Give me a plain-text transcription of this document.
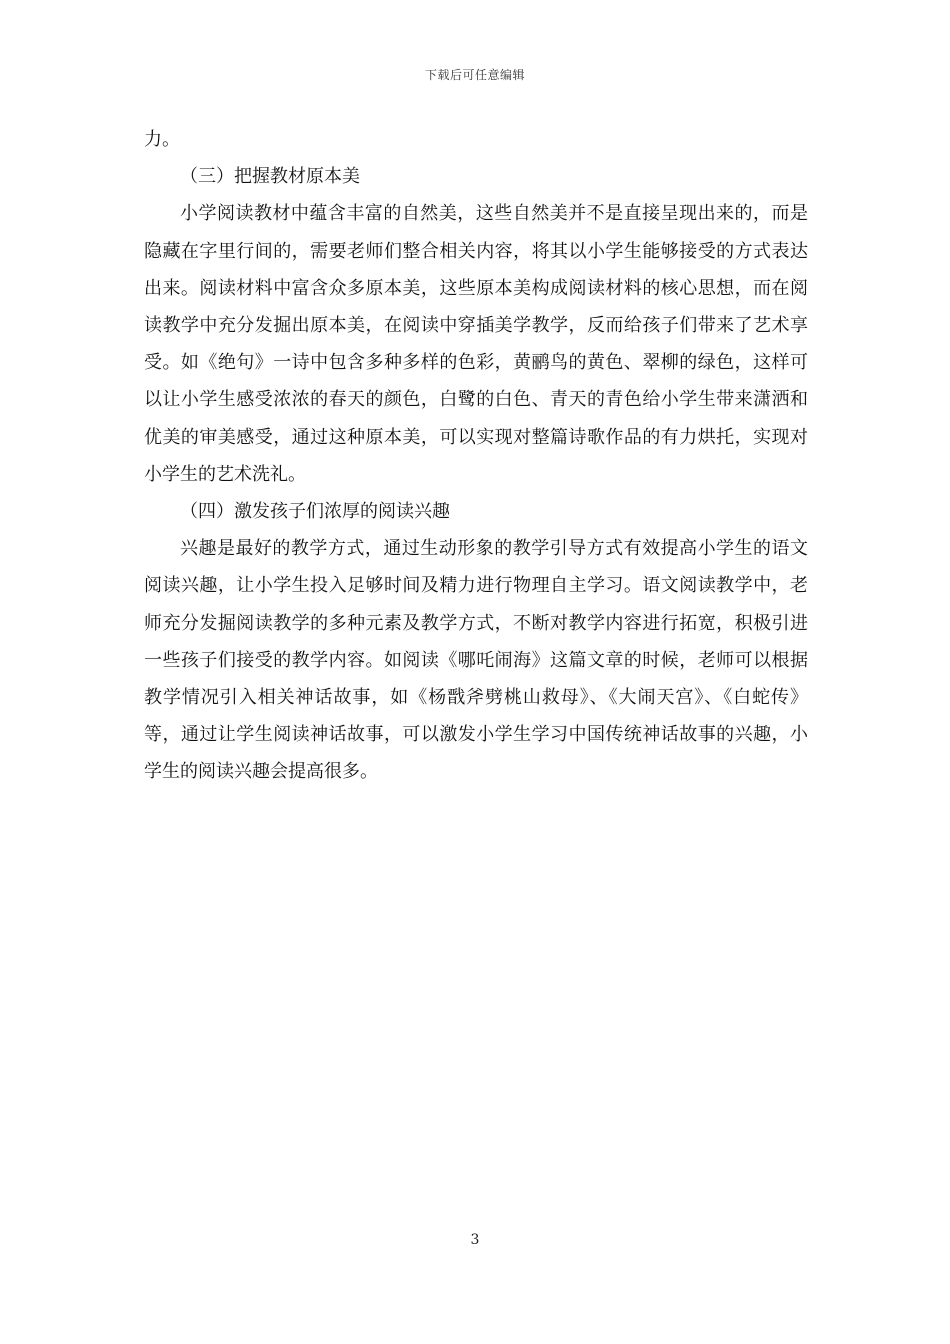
下载后可任意编辑

力。

（三）把握教材原本美

小学阅读教材中蕴含丰富的自然美，这些自然美并不是直接呈现出来的，而是隐藏在字里行间的，需要老师们整合相关内容，将其以小学生能够接受的方式表达出来。阅读材料中富含众多原本美，这些原本美构成阅读材料的核心思想，而在阅读教学中充分发掘出原本美，在阅读中穿插美学教学，反而给孩子们带来了艺术享受。如《绝句》一诗中包含多种多样的色彩，黄鹂鸟的黄色、翠柳的绿色，这样可以让小学生感受浓浓的春天的颜色，白鹭的白色、青天的青色给小学生带来潇洒和优美的审美感受，通过这种原本美，可以实现对整篇诗歌作品的有力烘托，实现对小学生的艺术洗礼。

（四）激发孩子们浓厚的阅读兴趣

兴趣是最好的教学方式，通过生动形象的教学引导方式有效提高小学生的语文阅读兴趣，让小学生投入足够时间及精力进行物理自主学习。语文阅读教学中，老师充分发掘阅读教学的多种元素及教学方式，不断对教学内容进行拓宽，积极引进一些孩子们接受的教学内容。如阅读《哪吒闹海》这篇文章的时候，老师可以根据教学情况引入相关神话故事，如《杨戬斧劈桃山救母》、《大闹天宫》、《白蛇传》等，通过让学生阅读神话故事，可以激发小学生学习中国传统神话故事的兴趣，小学生的阅读兴趣会提高很多。

3
